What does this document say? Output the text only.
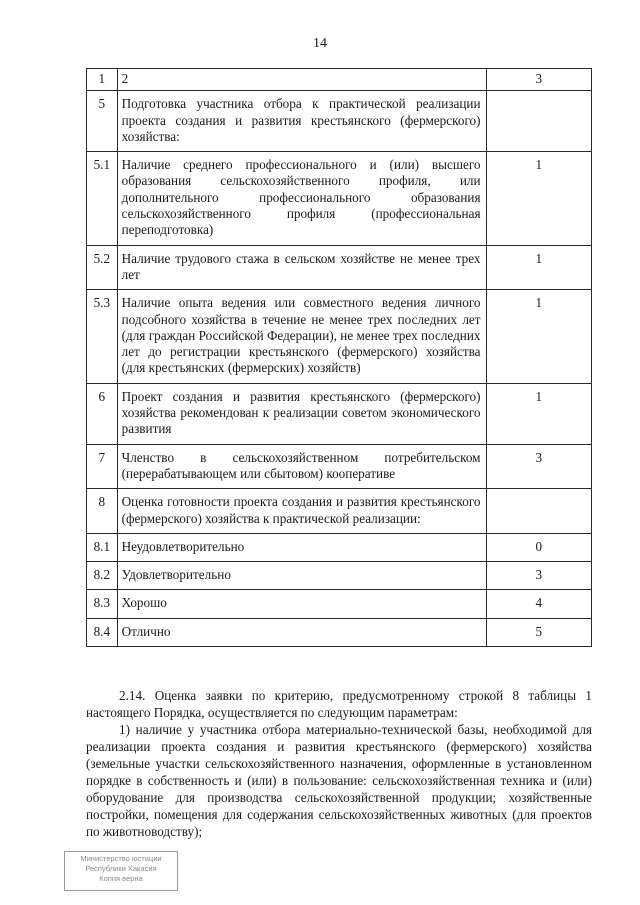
14
1	2	3
5	Подготовка участника отбора к практической реализации проекта создания и развития крестьянского (фермерского) хозяйства:	
5.1	Наличие среднего профессионального и (или) высшего образования сельскохозяйственного профиля, или дополнительного профессионального образования сельскохозяйственного профиля (профессиональная переподготовка)	1
5.2	Наличие трудового стажа в сельском хозяйстве не менее трех лет	1
5.3	Наличие опыта ведения или совместного ведения личного подсобного хозяйства в течение не менее трех последних лет (для граждан Российской Федерации), не менее трех последних лет до регистрации крестьянского (фермерского) хозяйства (для крестьянских (фермерских) хозяйств)	1
6	Проект создания и развития крестьянского (фермерского) хозяйства рекомендован к реализации советом экономического развития	1
7	Членство в сельскохозяйственном потребительском (перерабатывающем или сбытовом) кооперативе	3
8	Оценка готовности проекта создания и развития крестьянского (фермерского) хозяйства к практической реализации:	
8.1	Неудовлетворительно	0
8.2	Удовлетворительно	3
8.3	Хорошо	4
8.4	Отлично	5

2.14. Оценка заявки по критерию, предусмотренному строкой 8 таблицы 1 настоящего Порядка, осуществляется по следующим параметрам:

1) наличие у участника отбора материально-технической базы, необходимой для реализации проекта создания и развития крестьянского (фермерского) хозяйства (земельные участки сельскохозяйственного назначения, оформленные в установленном порядке в собственность и (или) в пользование: сельскохозяйственная техника и (или) оборудование для производства сельскохозяйственной продукции; хозяйственные постройки, помещения для содержания сельскохозяйственных животных (для проектов по животноводству);

Министерство юстиции
Республики Хакасия
Копия верна
